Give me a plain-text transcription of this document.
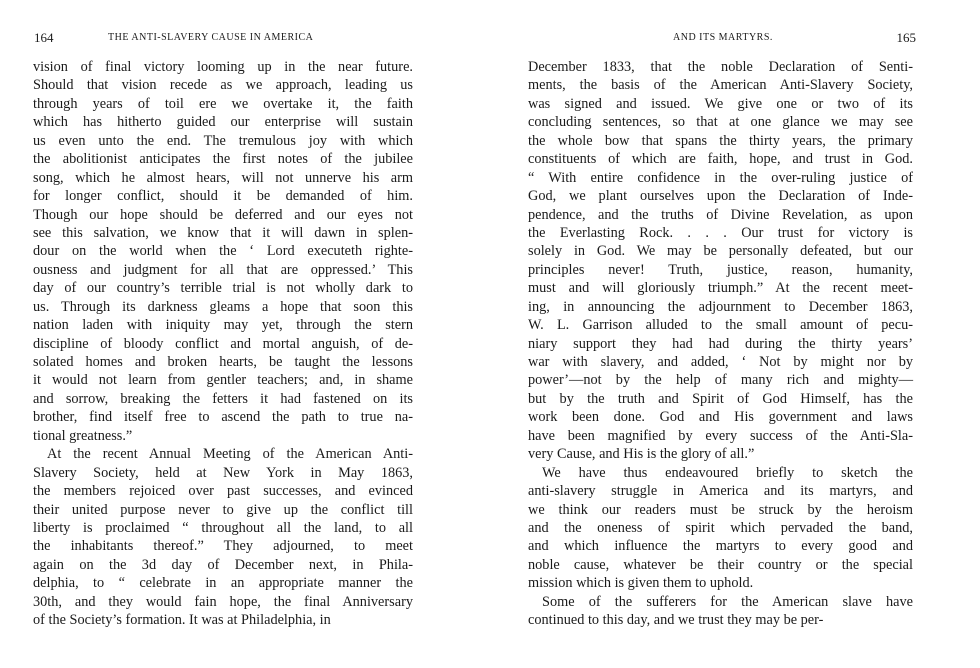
164	THE ANTI-SLAVERY CAUSE IN AMERICA
vision of final victory looming up in the near future.
Should that vision recede as we approach, leading us
through years of toil ere we overtake it, the faith
which has hitherto guided our enterprise will sustain
us even unto the end. The tremulous joy with which
the abolitionist anticipates the first notes of the jubilee
song, which he almost hears, will not unnerve his arm
for longer conflict, should it be demanded of him.
Though our hope should be deferred and our eyes not
see this salvation, we know that it will dawn in splen-
dour on the world when the ‘ Lord executeth righte-
ousness and judgment for all that are oppressed.’ This
day of our country’s terrible trial is not wholly dark to
us. Through its darkness gleams a hope that soon this
nation laden with iniquity may yet, through the stern
discipline of bloody conflict and mortal anguish, of de-
solated homes and broken hearts, be taught the lessons
it would not learn from gentler teachers; and, in shame
and sorrow, breaking the fetters it had fastened on its
brother, find itself free to ascend the path to true na-
tional greatness.”
At the recent Annual Meeting of the American Anti-
Slavery Society, held at New York in May 1863,
the members rejoiced over past successes, and evinced
their united purpose never to give up the conflict till
liberty is proclaimed “ throughout all the land, to all
the inhabitants thereof.” They adjourned, to meet
again on the 3d day of December next, in Phila-
delphia, to “ celebrate in an appropriate manner the
30th, and they would fain hope, the final Anniversary
of the Society’s formation. It was at Philadelphia, in
AND ITS MARTYRS.	165
December 1833, that the noble Declaration of Senti-
ments, the basis of the American Anti-Slavery Society,
was signed and issued. We give one or two of its
concluding sentences, so that at one glance we may see
the whole bow that spans the thirty years, the primary
constituents of which are faith, hope, and trust in God.
“ With entire confidence in the over-ruling justice of
God, we plant ourselves upon the Declaration of Inde-
pendence, and the truths of Divine Revelation, as upon
the Everlasting Rock. . . . Our trust for victory is
solely in God. We may be personally defeated, but our
principles never! Truth, justice, reason, humanity,
must and will gloriously triumph.” At the recent meet-
ing, in announcing the adjournment to December 1863,
W. L. Garrison alluded to the small amount of pecu-
niary support they had had during the thirty years’
war with slavery, and added, ‘ Not by might nor by
power’—not by the help of many rich and mighty—
but by the truth and Spirit of God Himself, has the
work been done. God and His government and laws
have been magnified by every success of the Anti-Sla-
very Cause, and His is the glory of all.”
We have thus endeavoured briefly to sketch the
anti-slavery struggle in America and its martyrs, and
we think our readers must be struck by the heroism
and the oneness of spirit which pervaded the band,
and which influence the martyrs to every good and
noble cause, whatever be their country or the special
mission which is given them to uphold.
Some of the sufferers for the American slave have
continued to this day, and we trust they may be per-
